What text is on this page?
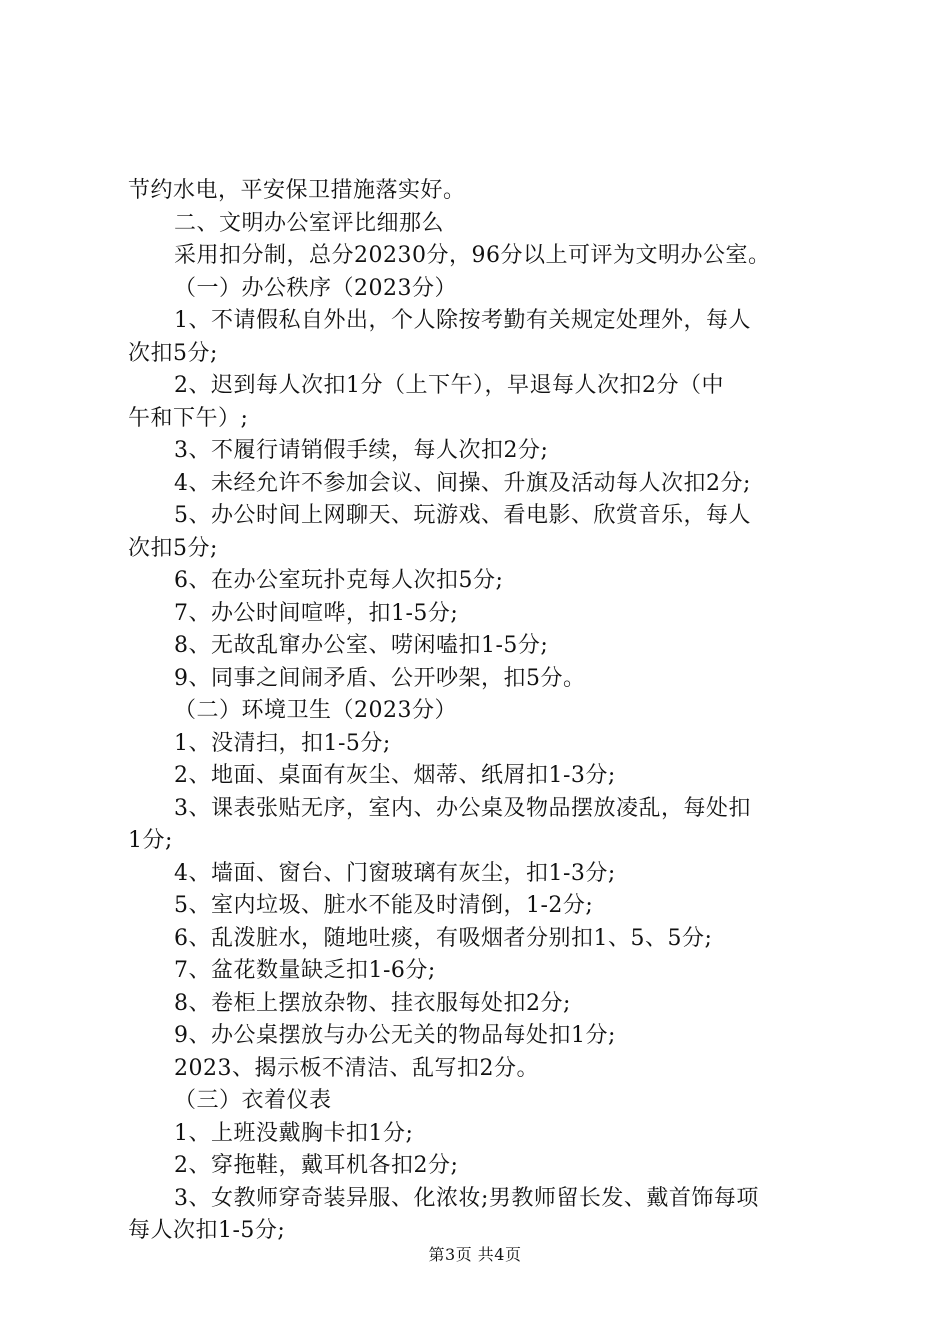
节约水电，平安保卫措施落实好。
二、文明办公室评比细那么
采用扣分制，总分20230分，96分以上可评为文明办公室。
（一）办公秩序（2023分）
1、不请假私自外出，个人除按考勤有关规定处理外，每人
次扣5分;
2、迟到每人次扣1分（上下午），早退每人次扣2分（中
午和下午）;
3、不履行请销假手续，每人次扣2分;
4、未经允许不参加会议、间操、升旗及活动每人次扣2分;
5、办公时间上网聊天、玩游戏、看电影、欣赏音乐，每人
次扣5分;
6、在办公室玩扑克每人次扣5分;
7、办公时间喧哗，扣1-5分;
8、无故乱窜办公室、唠闲嗑扣1-5分;
9、同事之间闹矛盾、公开吵架，扣5分。
（二）环境卫生（2023分）
1、没清扫，扣1-5分;
2、地面、桌面有灰尘、烟蒂、纸屑扣1-3分;
3、课表张贴无序，室内、办公桌及物品摆放凌乱，每处扣
1分;
4、墙面、窗台、门窗玻璃有灰尘，扣1-3分;
5、室内垃圾、脏水不能及时清倒，1-2分;
6、乱泼脏水，随地吐痰，有吸烟者分别扣1、5、5分;
7、盆花数量缺乏扣1-6分;
8、卷柜上摆放杂物、挂衣服每处扣2分;
9、办公桌摆放与办公无关的物品每处扣1分;
2023、揭示板不清洁、乱写扣2分。
（三）衣着仪表
1、上班没戴胸卡扣1分;
2、穿拖鞋，戴耳机各扣2分;
3、女教师穿奇装异服、化浓妆;男教师留长发、戴首饰每项
每人次扣1-5分;
第3页 共4页
